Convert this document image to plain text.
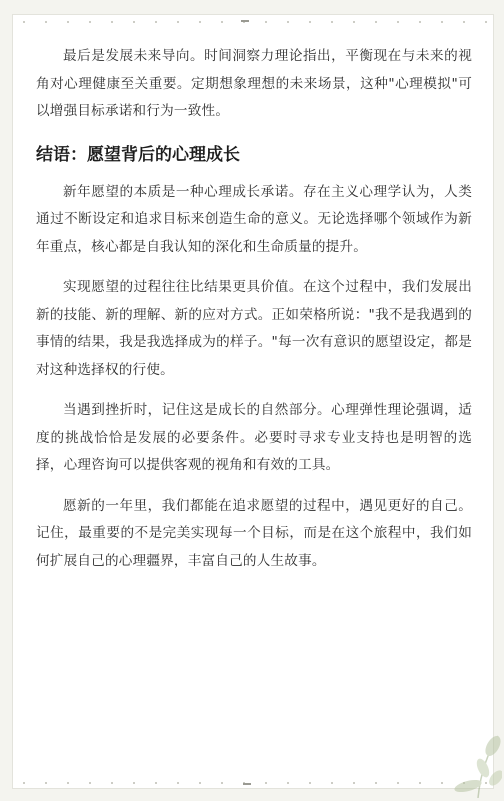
最后是发展未来导向。时间洞察力理论指出，平衡现在与未来的视角对心理健康至关重要。定期想象理想的未来场景，这种"心理模拟"可以增强目标承诺和行为一致性。

结语：愿望背后的心理成长

新年愿望的本质是一种心理成长承诺。存在主义心理学认为，人类通过不断设定和追求目标来创造生命的意义。无论选择哪个领域作为新年重点，核心都是自我认知的深化和生命质量的提升。

实现愿望的过程往往比结果更具价值。在这个过程中，我们发展出新的技能、新的理解、新的应对方式。正如荣格所说："我不是我遇到的事情的结果，我是我选择成为的样子。"每一次有意识的愿望设定，都是对这种选择权的行使。

当遇到挫折时，记住这是成长的自然部分。心理弹性理论强调，适度的挑战恰恰是发展的必要条件。必要时寻求专业支持也是明智的选择，心理咨询可以提供客观的视角和有效的工具。

愿新的一年里，我们都能在追求愿望的过程中，遇见更好的自己。记住，最重要的不是完美实现每一个目标，而是在这个旅程中，我们如何扩展自己的心理疆界，丰富自己的人生故事。
